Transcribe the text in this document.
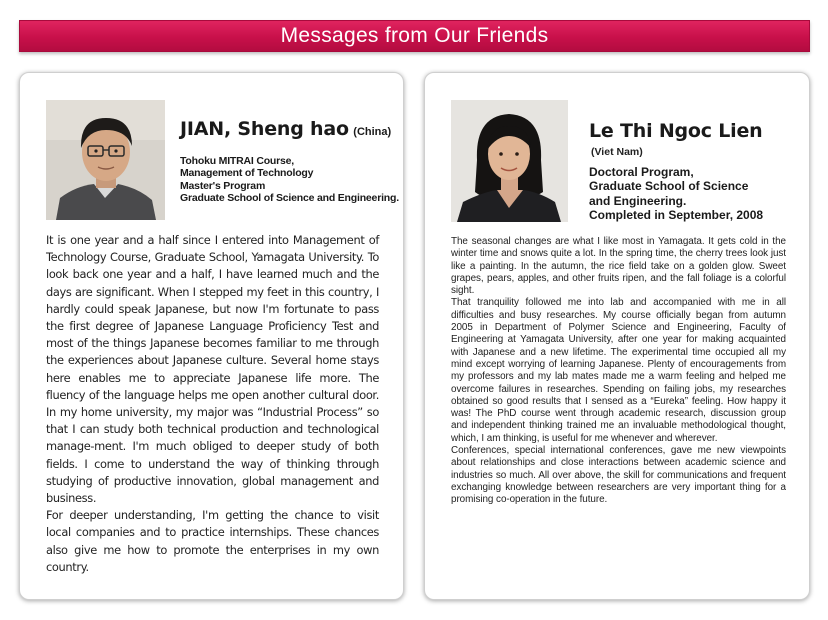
Messages from Our Friends
JIAN, Sheng hao (China)
Tohoku MITRAI Course,
Management of Technology
Master's Program
Graduate School of Science and Engineering.

It is one year and a half since I entered into Management of Technology Course, Graduate School, Yamagata University. To look back one year and a half, I have learned much and the days are significant. When I stepped my feet in this country, I hardly could speak Japanese, but now I'm fortunate to pass the first degree of Japanese Language Proficiency Test and most of the things Japanese becomes familiar to me through the experiences about Japanese culture. Several home stays here enables me to appreciate Japanese life more. The fluency of the language helps me open another cultural door. In my home university, my major was “Industrial Process” so that I can study both technical production and technological manage-ment. I'm much obliged to deeper study of both fields. I come to understand the way of thinking through studying of productive innovation, global management and business.

For deeper understanding, I'm getting the chance to visit local companies and to practice internships. These chances also give me how to promote the enterprises in my own country.

Le Thi Ngoc Lien
(Viet Nam)
Doctoral Program,
Graduate School of Science
and Engineering.
Completed in September, 2008

The seasonal changes are what I like most in Yamagata. It gets cold in the winter time and snows quite a lot. In the spring time, the cherry trees look just like a painting. In the autumn, the rice field take on a golden glow. Sweet grapes, pears, apples, and other fruits ripen, and the fall foliage is a colorful sight.

That tranquility followed me into lab and accompanied with me in all difficulties and busy researches. My course officially began from autumn 2005 in Department of Polymer Science and Engineering, Faculty of Engineering at Yamagata University, after one year for making acquainted with Japanese and a new lifetime. The experimental time occupied all my mind except worrying of learning Japanese. Plenty of encouragements from my professors and my lab mates made me a warm feeling and helped me overcome failures in researches. Spending on failing jobs, my researches obtained so good results that I sensed as a “Eureka” feeling. How happy it was! The PhD course went through academic research, discussion group and independent thinking trained me an invaluable methodological thought, which, I am thinking, is useful for me whenever and wherever.

Conferences, special international conferences, gave me new viewpoints about relationships and close interactions between academic science and industries so much. All over above, the skill for communications and frequent exchanging knowledge between researchers are very important thing for a promising co-operation in the future.
